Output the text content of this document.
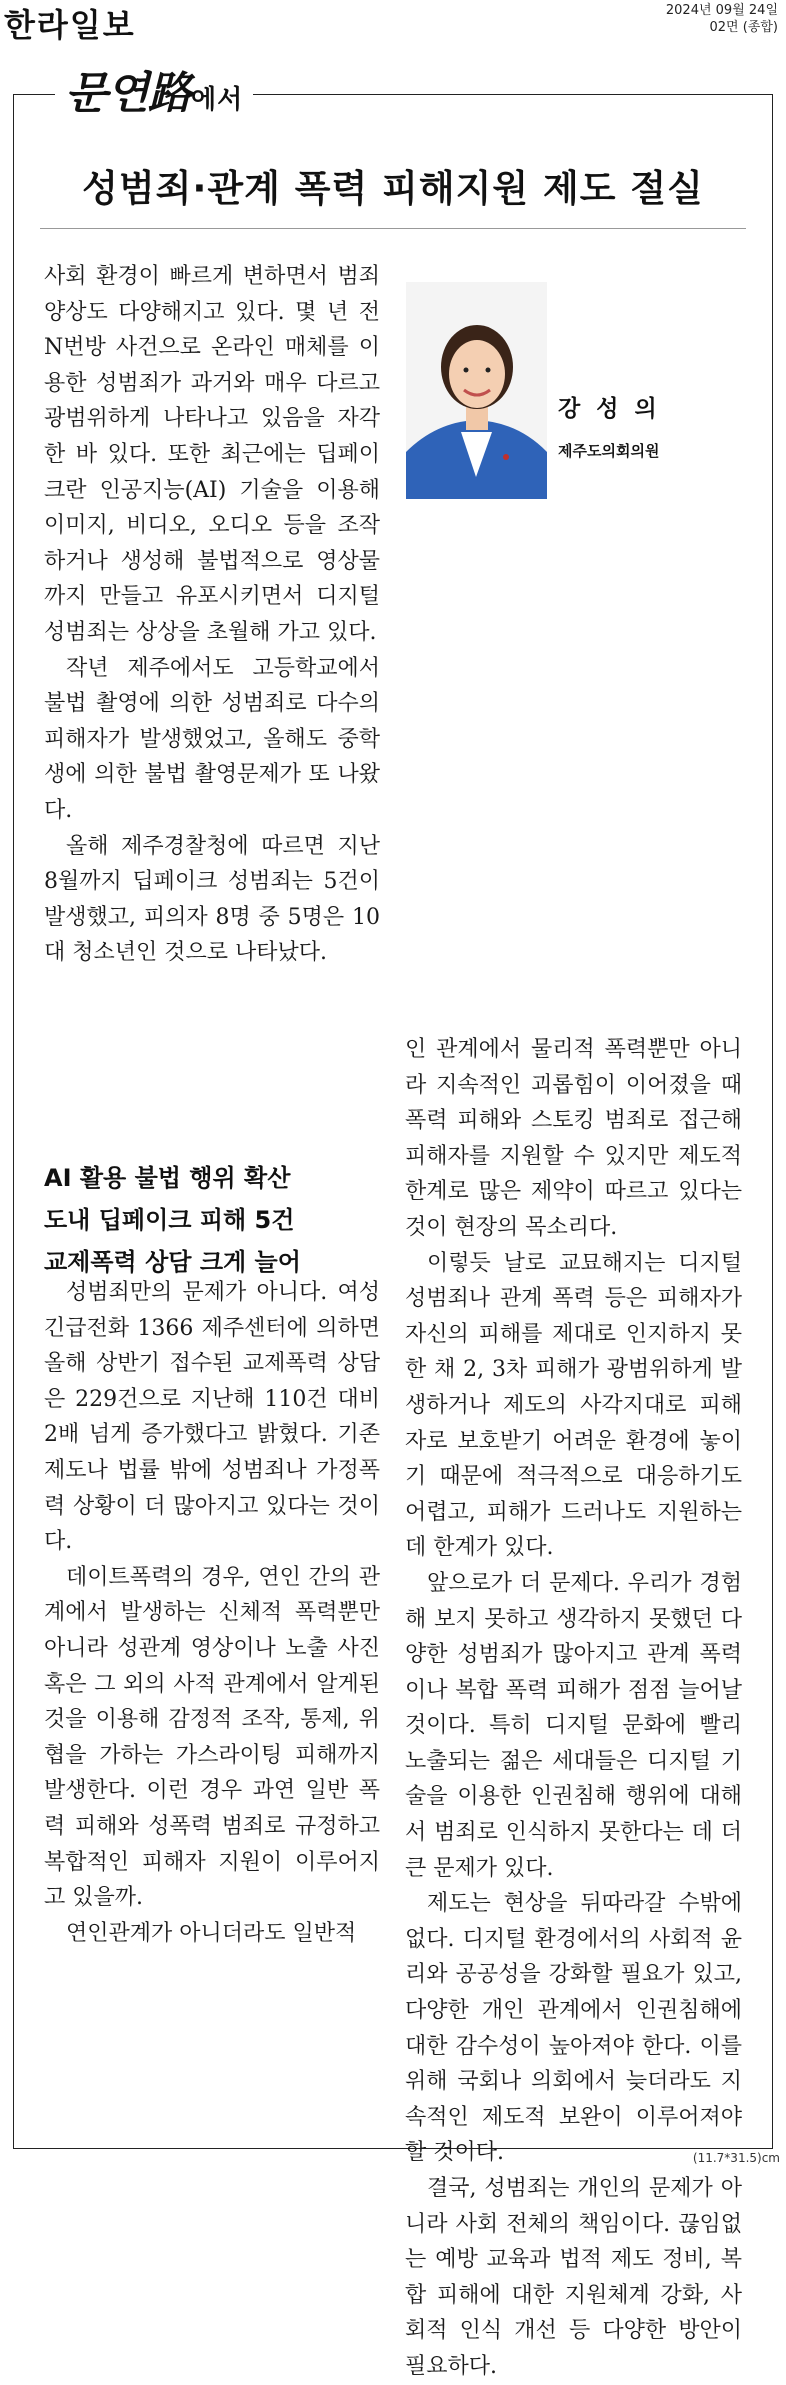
한라일보	2024년 09월 24일
02면 (종합)
문연路에서
성범죄·관계 폭력 피해지원 제도 절실

사회 환경이 빠르게 변하면서 범죄 양상도 다양해지고 있다. 몇 년 전 N번방 사건으로 온라인 매체를 이용한 성범죄가 과거와 매우 다르고 광범위하게 나타나고 있음을 자각한 바 있다. 또한 최근에는 딥페이크란 인공지능(AI) 기술을 이용해 이미지, 비디오, 오디오 등을 조작하거나 생성해 불법적으로 영상물까지 만들고 유포시키면서 디지털 성범죄는 상상을 초월해 가고 있다.

작년 제주에서도 고등학교에서 불법 촬영에 의한 성범죄로 다수의 피해자가 발생했었고, 올해도 중학생에 의한 불법 촬영문제가 또 나왔다.

올해 제주경찰청에 따르면 지난 8월까지 딥페이크 성범죄는 5건이 발생했고, 피의자 8명 중 5명은 10대 청소년인 것으로 나타났다.

AI 활용 불법 행위 확산
도내 딥페이크 피해 5건
교제폭력 상담 크게 늘어

성범죄만의 문제가 아니다. 여성긴급전화 1366 제주센터에 의하면 올해 상반기 접수된 교제폭력 상담은 229건으로 지난해 110건 대비 2배 넘게 증가했다고 밝혔다. 기존 제도나 법률 밖에 성범죄나 가정폭력 상황이 더 많아지고 있다는 것이다.

데이트폭력의 경우, 연인 간의 관계에서 발생하는 신체적 폭력뿐만 아니라 성관계 영상이나 노출 사진 혹은 그 외의 사적 관계에서 알게된 것을 이용해 감정적 조작, 통제, 위협을 가하는 가스라이팅 피해까지 발생한다. 이런 경우 과연 일반 폭력 피해와 성폭력 범죄로 규정하고 복합적인 피해자 지원이 이루어지고 있을까.

연인관계가 아니더라도 일반적

강 성 의
제주도의회의원

인 관계에서 물리적 폭력뿐만 아니라 지속적인 괴롭힘이 이어졌을 때 폭력 피해와 스토킹 범죄로 접근해 피해자를 지원할 수 있지만 제도적 한계로 많은 제약이 따르고 있다는 것이 현장의 목소리다.

이렇듯 날로 교묘해지는 디지털 성범죄나 관계 폭력 등은 피해자가 자신의 피해를 제대로 인지하지 못한 채 2, 3차 피해가 광범위하게 발생하거나 제도의 사각지대로 피해자로 보호받기 어려운 환경에 놓이기 때문에 적극적으로 대응하기도 어렵고, 피해가 드러나도 지원하는데 한계가 있다.

앞으로가 더 문제다. 우리가 경험해 보지 못하고 생각하지 못했던 다양한 성범죄가 많아지고 관계 폭력이나 복합 폭력 피해가 점점 늘어날 것이다. 특히 디지털 문화에 빨리 노출되는 젊은 세대들은 디지털 기술을 이용한 인권침해 행위에 대해서 범죄로 인식하지 못한다는 데 더 큰 문제가 있다.

제도는 현상을 뒤따라갈 수밖에 없다. 디지털 환경에서의 사회적 윤리와 공공성을 강화할 필요가 있고, 다양한 개인 관계에서 인권침해에 대한 감수성이 높아져야 한다. 이를 위해 국회나 의회에서 늦더라도 지속적인 제도적 보완이 이루어져야 할 것이다.

결국, 성범죄는 개인의 문제가 아니라 사회 전체의 책임이다. 끊임없는 예방 교육과 법적 제도 정비, 복합 피해에 대한 지원체계 강화, 사회적 인식 개선 등 다양한 방안이 필요하다.

(11.7*31.5)cm
